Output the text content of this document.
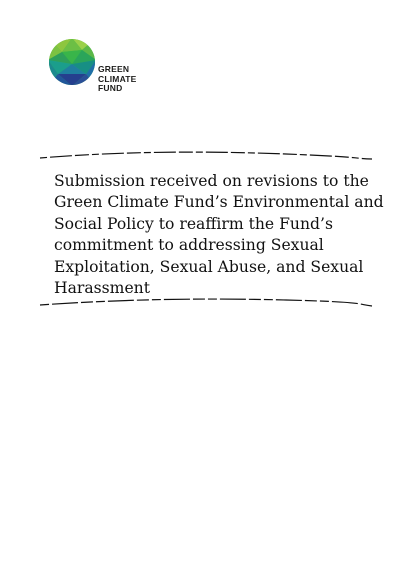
GREEN
CLIMATE
FUND
Submission received on revisions to the
Green Climate Fund’s Environmental and
Social Policy to reaffirm the Fund’s
commitment to addressing Sexual
Exploitation, Sexual Abuse, and Sexual
Harassment
